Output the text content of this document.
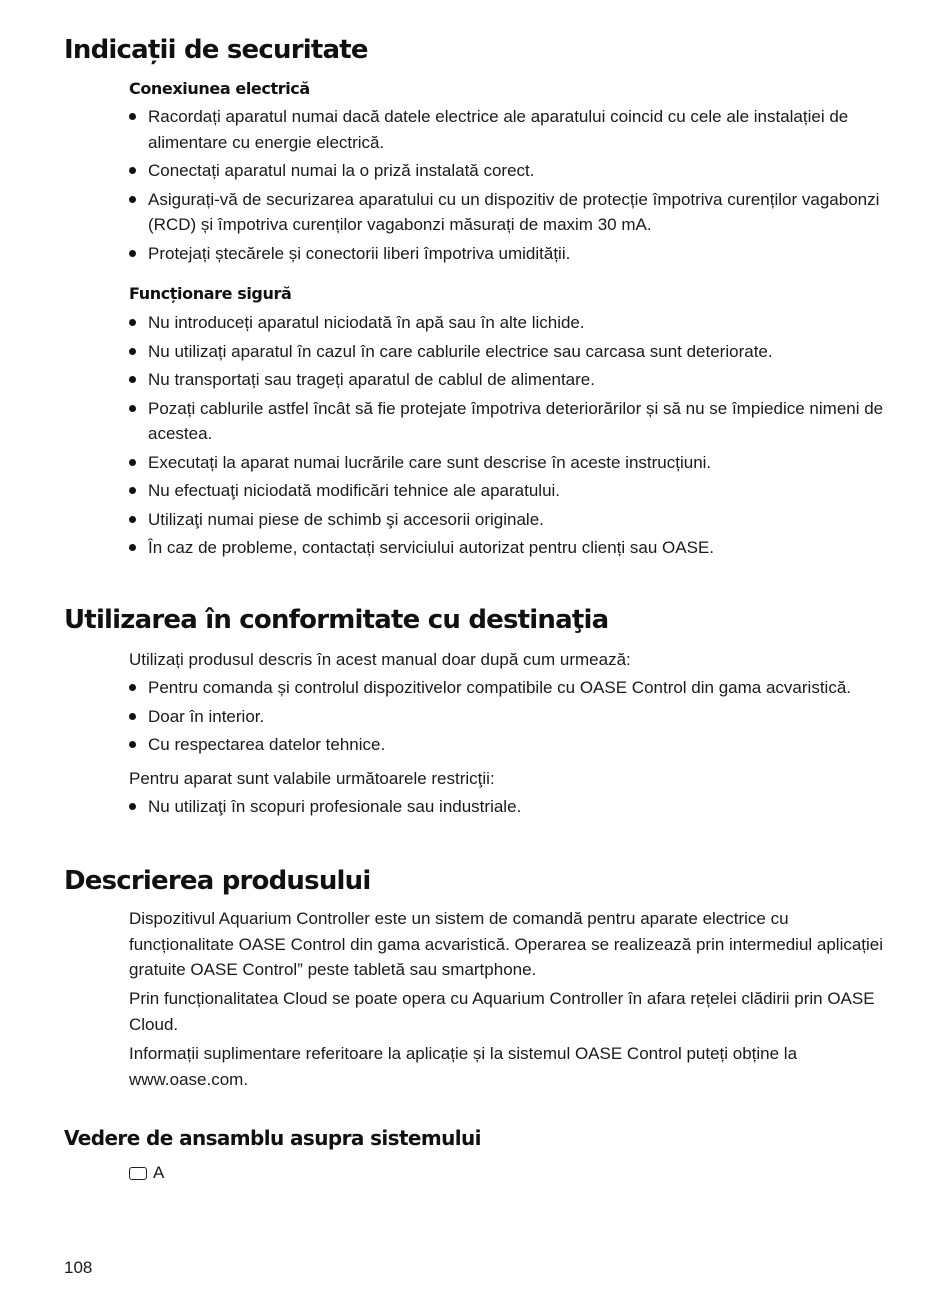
Indicații de securitate
Conexiunea electrică
Racordați aparatul numai dacă datele electrice ale aparatului coincid cu cele ale instalației de alimentare cu energie electrică.
Conectați aparatul numai la o priză instalată corect.
Asigurați-vă de securizarea aparatului cu un dispozitiv de protecție împotriva curenților vagabonzi (RCD) și împotriva curenților vagabonzi măsurați de maxim 30 mA.
Protejați ștecărele și conectorii liberi împotriva umidității.
Funcționare sigură
Nu introduceți aparatul niciodată în apă sau în alte lichide.
Nu utilizați aparatul în cazul în care cablurile electrice sau carcasa sunt deteriorate.
Nu transportați sau trageți aparatul de cablul de alimentare.
Pozați cablurile astfel încât să fie protejate împotriva deteriorărilor și să nu se împiedice nimeni de acestea.
Executați la aparat numai lucrările care sunt descrise în aceste instrucțiuni.
Nu efectuaţi niciodată modificări tehnice ale aparatului.
Utilizaţi numai piese de schimb şi accesorii originale.
În caz de probleme, contactați serviciului autorizat pentru clienți sau OASE.
Utilizarea în conformitate cu destinaţia

Utilizați produsul descris în acest manual doar după cum urmează:

Pentru comanda și controlul dispozitivelor compatibile cu OASE Control din gama acvaristică.
Doar în interior.
Cu respectarea datelor tehnice.

Pentru aparat sunt valabile următoarele restricţii:

Nu utilizaţi în scopuri profesionale sau industriale.
Descrierea produsului

Dispozitivul Aquarium Controller este un sistem de comandă pentru aparate electrice cu funcționalitate OASE Control din gama acvaristică. Operarea se realizează prin intermediul aplicației gratuite OASE Control” peste tabletă sau smartphone.

Prin funcționalitatea Cloud se poate opera cu Aquarium Controller în afara rețelei clădirii prin OASE Cloud.

Informații suplimentare referitoare la aplicație și la sistemul OASE Control puteți obține la www.oase.com.

Vedere de ansamblu asupra sistemului
A
108
